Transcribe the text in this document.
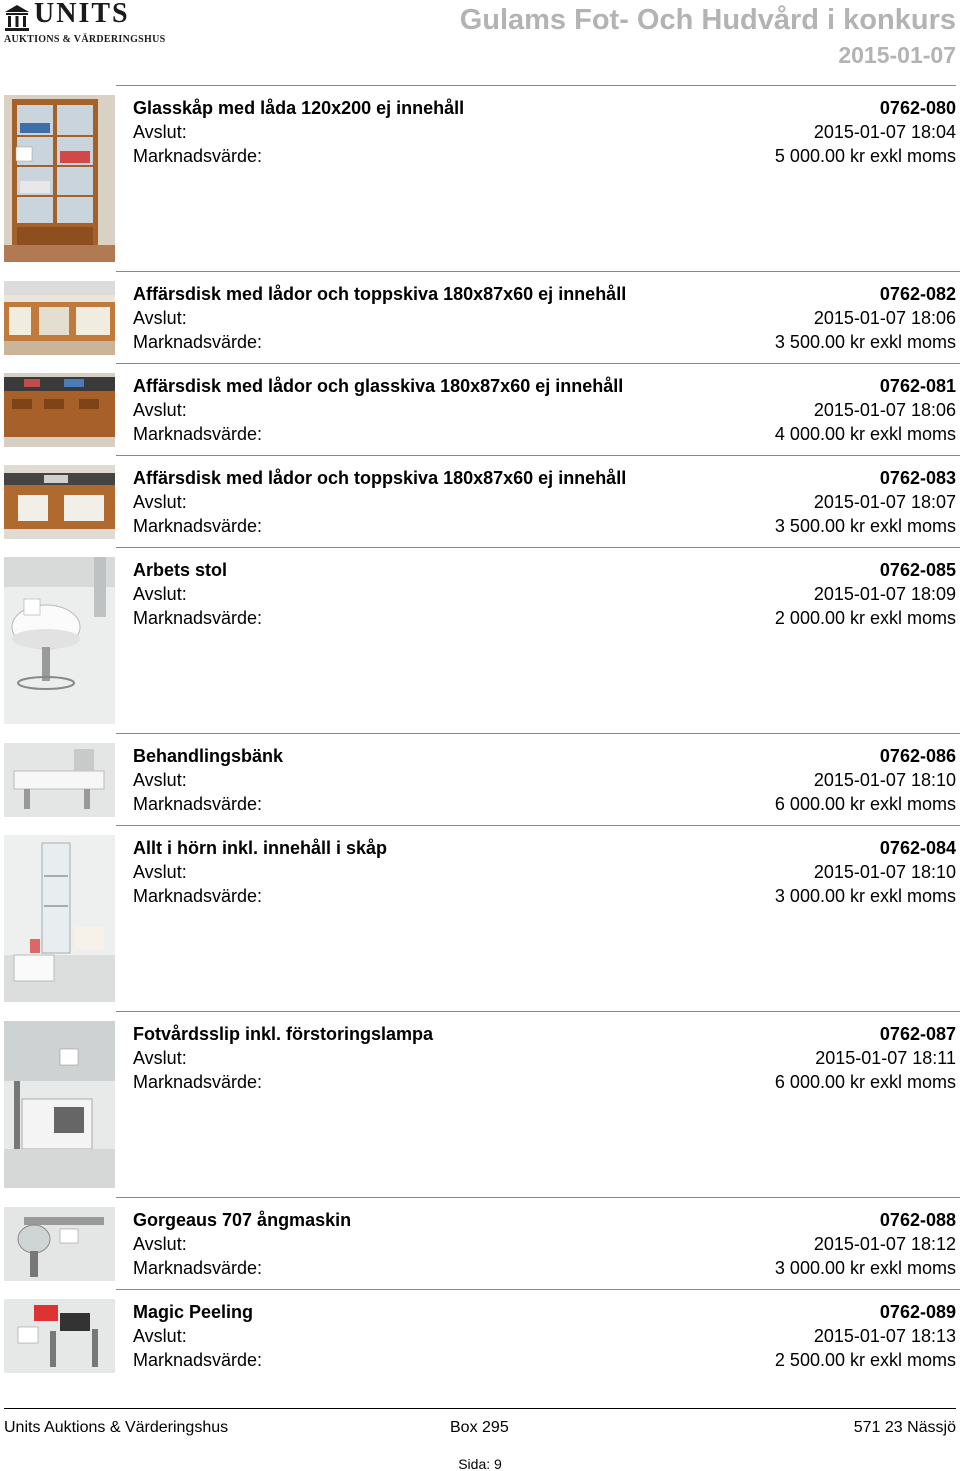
UNITS
AUKTIONS & VÄRDERINGSHUS
Gulams Fot- Och Hudvård i konkurs
2015-01-07
Glasskåp med låda 120x200 ej innehåll	0762-080
Avslut:	2015-01-07 18:04
Marknadsvärde:	5 000.00 kr exkl moms
Affärsdisk med lådor och toppskiva 180x87x60 ej innehåll	0762-082
Avslut:	2015-01-07 18:06
Marknadsvärde:	3 500.00 kr exkl moms
Affärsdisk med lådor och glasskiva 180x87x60 ej innehåll	0762-081
Avslut:	2015-01-07 18:06
Marknadsvärde:	4 000.00 kr exkl moms
Affärsdisk med lådor och toppskiva 180x87x60 ej innehåll	0762-083
Avslut:	2015-01-07 18:07
Marknadsvärde:	3 500.00 kr exkl moms
Arbets stol	0762-085
Avslut:	2015-01-07 18:09
Marknadsvärde:	2 000.00 kr exkl moms
Behandlingsbänk	0762-086
Avslut:	2015-01-07 18:10
Marknadsvärde:	6 000.00 kr exkl moms
Allt i hörn inkl. innehåll i skåp	0762-084
Avslut:	2015-01-07 18:10
Marknadsvärde:	3 000.00 kr exkl moms
Fotvårdsslip inkl. förstoringslampa	0762-087
Avslut:	2015-01-07 18:11
Marknadsvärde:	6 000.00 kr exkl moms
Gorgeaus 707 ångmaskin	0762-088
Avslut:	2015-01-07 18:12
Marknadsvärde:	3 000.00 kr exkl moms
Magic Peeling	0762-089
Avslut:	2015-01-07 18:13
Marknadsvärde:	2 500.00 kr exkl moms
Units Auktions & Värderingshus	Box 295	571 23 Nässjö
Sida: 9
